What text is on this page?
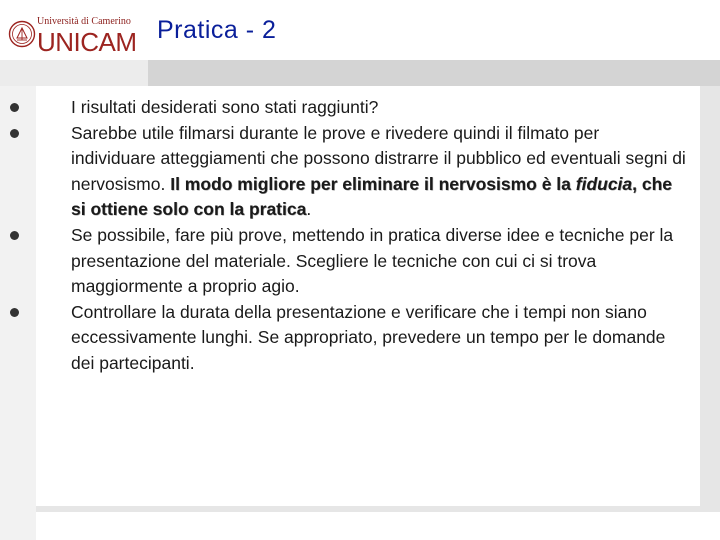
Università di Camerino
UNICAM Pratica - 2
I risultati desiderati sono stati raggiunti?
Sarebbe utile filmarsi durante le prove e rivedere quindi il filmato per individuare atteggiamenti che possono distrarre il pubblico ed eventuali segni di nervosismo. Il modo migliore per eliminare il nervosismo è la fiducia, che si ottiene solo con la pratica.
Se possibile, fare più prove, mettendo in pratica diverse idee e tecniche per la presentazione del materiale. Scegliere le tecniche con cui ci si trova maggiormente a proprio agio.
Controllare la durata della presentazione e verificare che i tempi non siano eccessivamente lunghi. Se appropriato, prevedere un tempo per le domande dei partecipanti.
